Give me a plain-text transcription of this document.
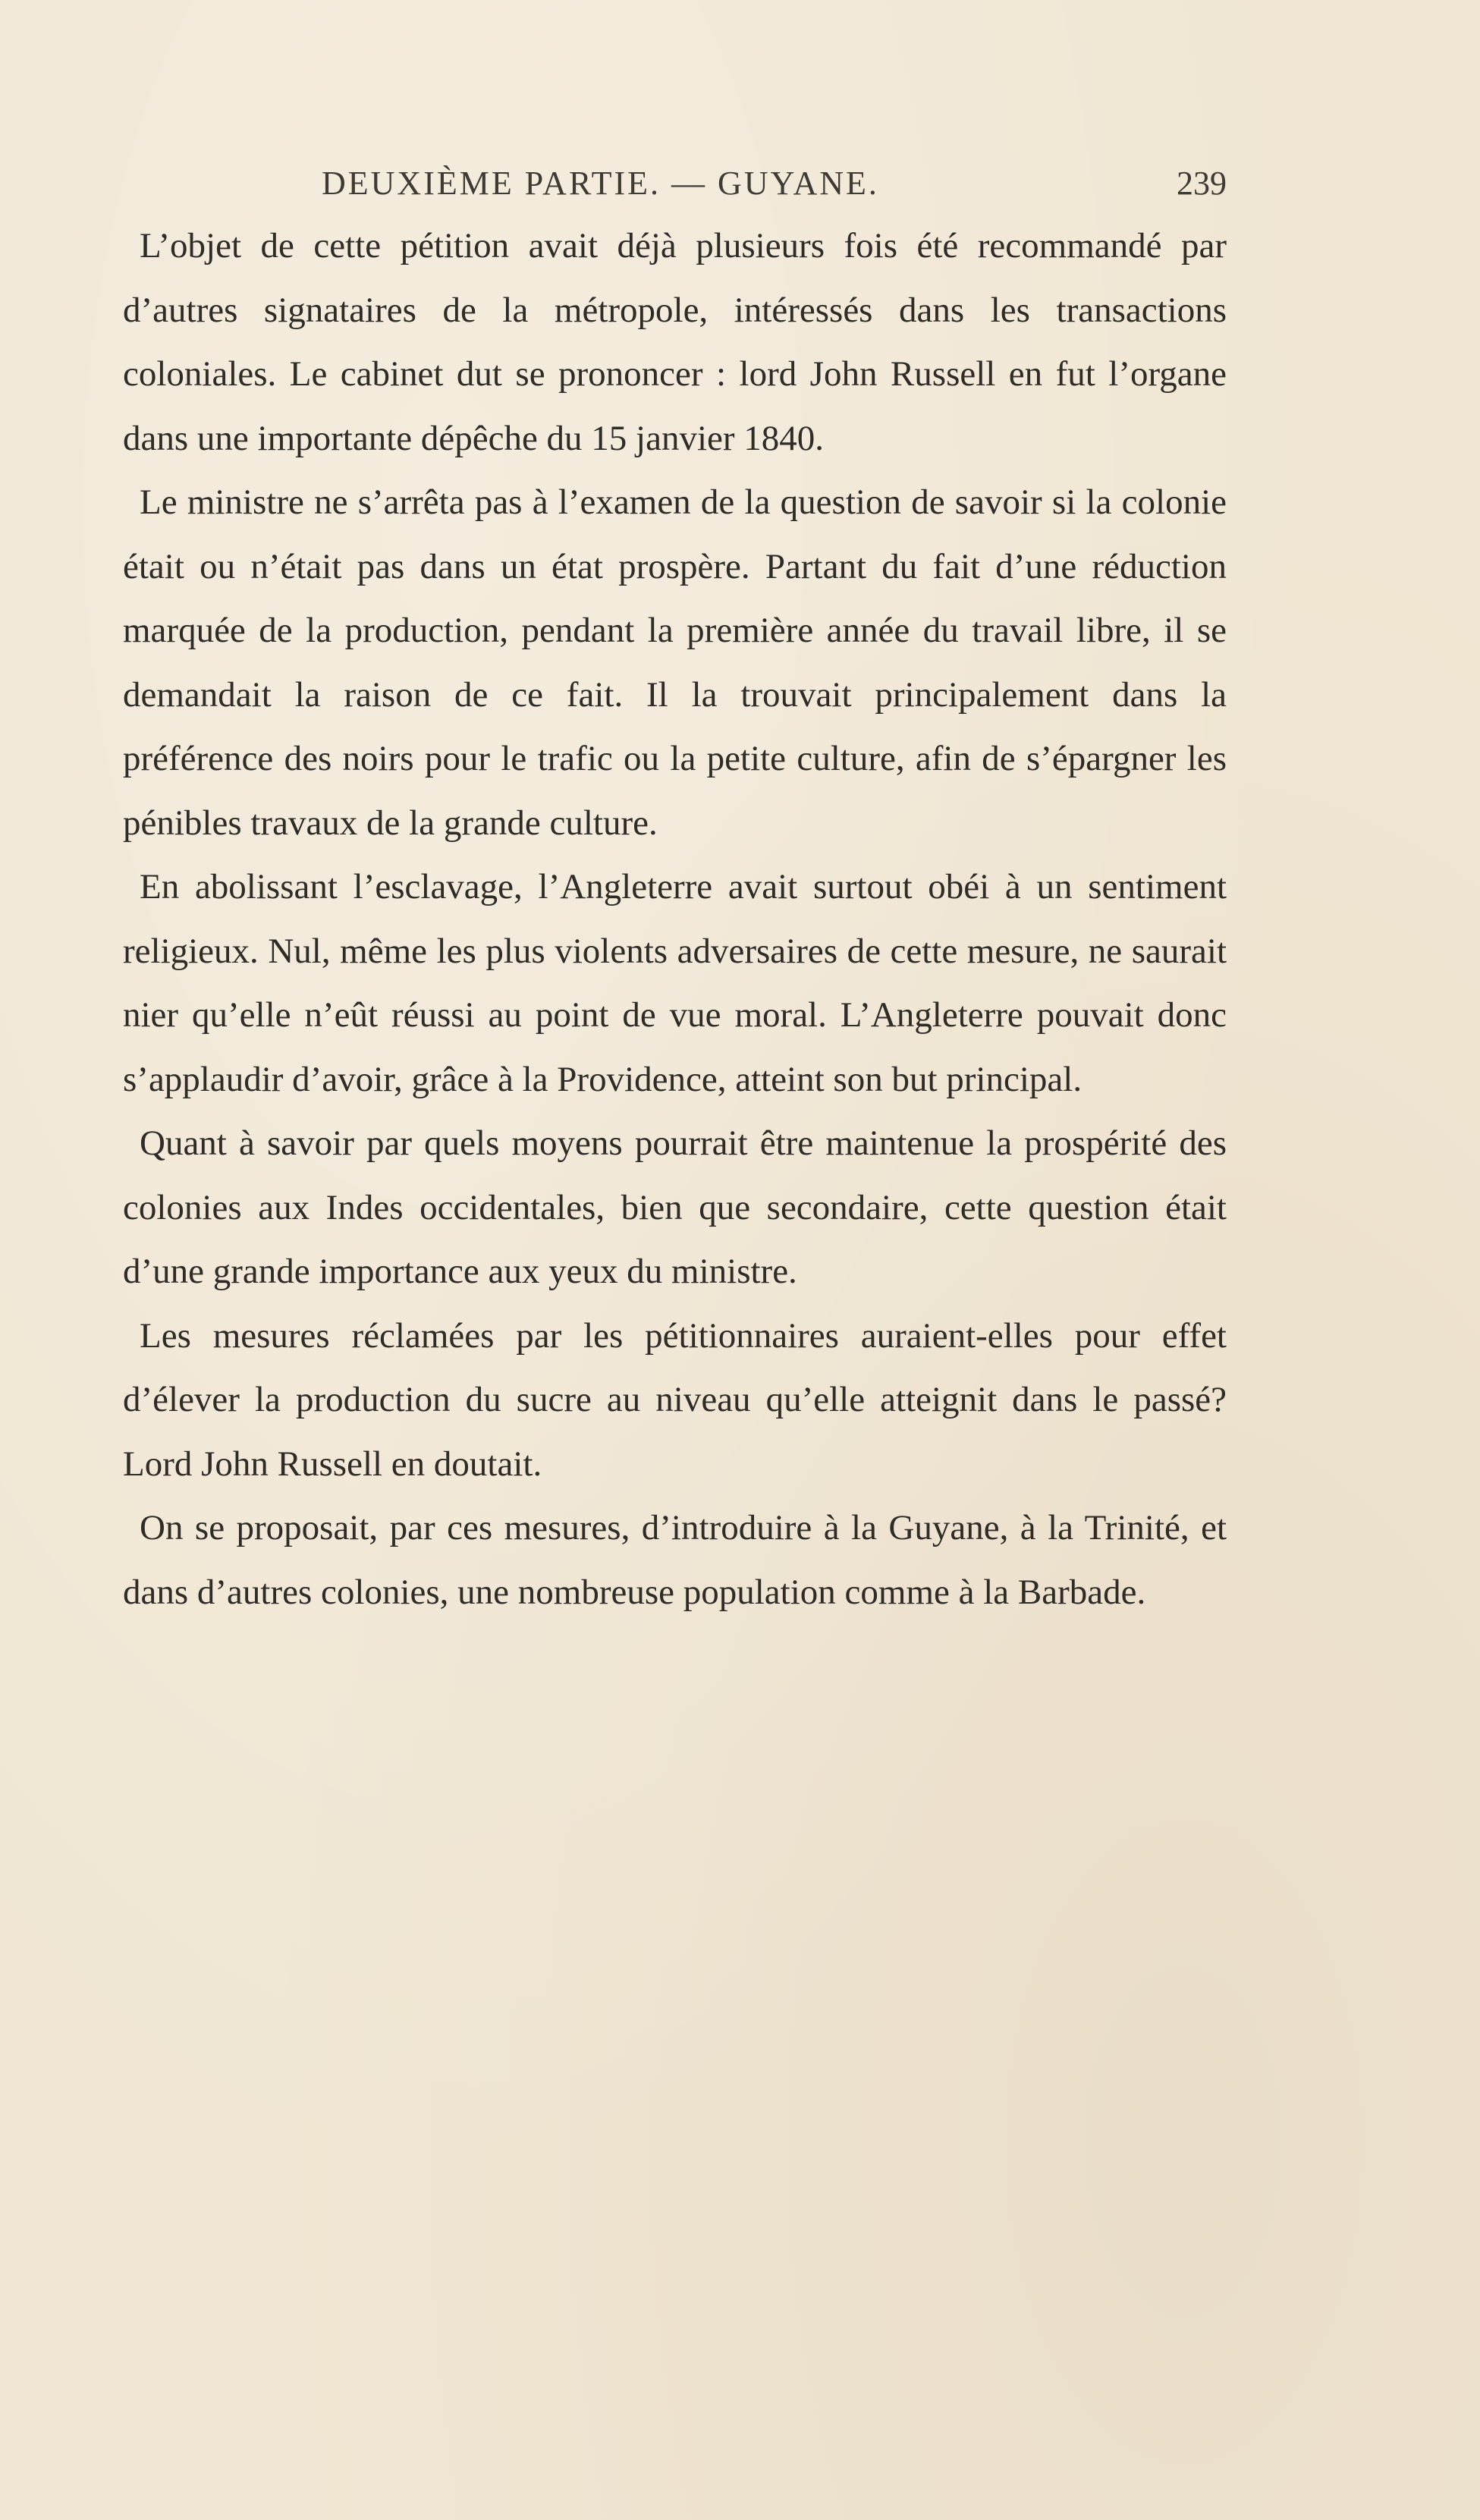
DEUXIÈME PARTIE. — GUYANE.	239

L’objet de cette pétition avait déjà plusieurs fois été recommandé par d’autres signataires de la métropole, intéressés dans les transactions coloniales. Le cabinet dut se prononcer : lord John Russell en fut l’organe dans une importante dépêche du 15 janvier 1840.

Le ministre ne s’arrêta pas à l’examen de la question de savoir si la colonie était ou n’était pas dans un état prospère. Partant du fait d’une réduction marquée de la production, pendant la première année du travail libre, il se demandait la raison de ce fait. Il la trouvait principalement dans la préférence des noirs pour le trafic ou la petite culture, afin de s’épargner les pénibles travaux de la grande culture.

En abolissant l’esclavage, l’Angleterre avait surtout obéi à un sentiment religieux. Nul, même les plus violents adversaires de cette mesure, ne saurait nier qu’elle n’eût réussi au point de vue moral. L’Angleterre pouvait donc s’applaudir d’avoir, grâce à la Providence, atteint son but principal.

Quant à savoir par quels moyens pourrait être maintenue la prospérité des colonies aux Indes occidentales, bien que secondaire, cette question était d’une grande importance aux yeux du ministre.

Les mesures réclamées par les pétitionnaires auraient-elles pour effet d’élever la production du sucre au niveau qu’elle atteignit dans le passé? Lord John Russell en doutait.

On se proposait, par ces mesures, d’introduire à la Guyane, à la Trinité, et dans d’autres colonies, une nombreuse population comme à la Barbade.
